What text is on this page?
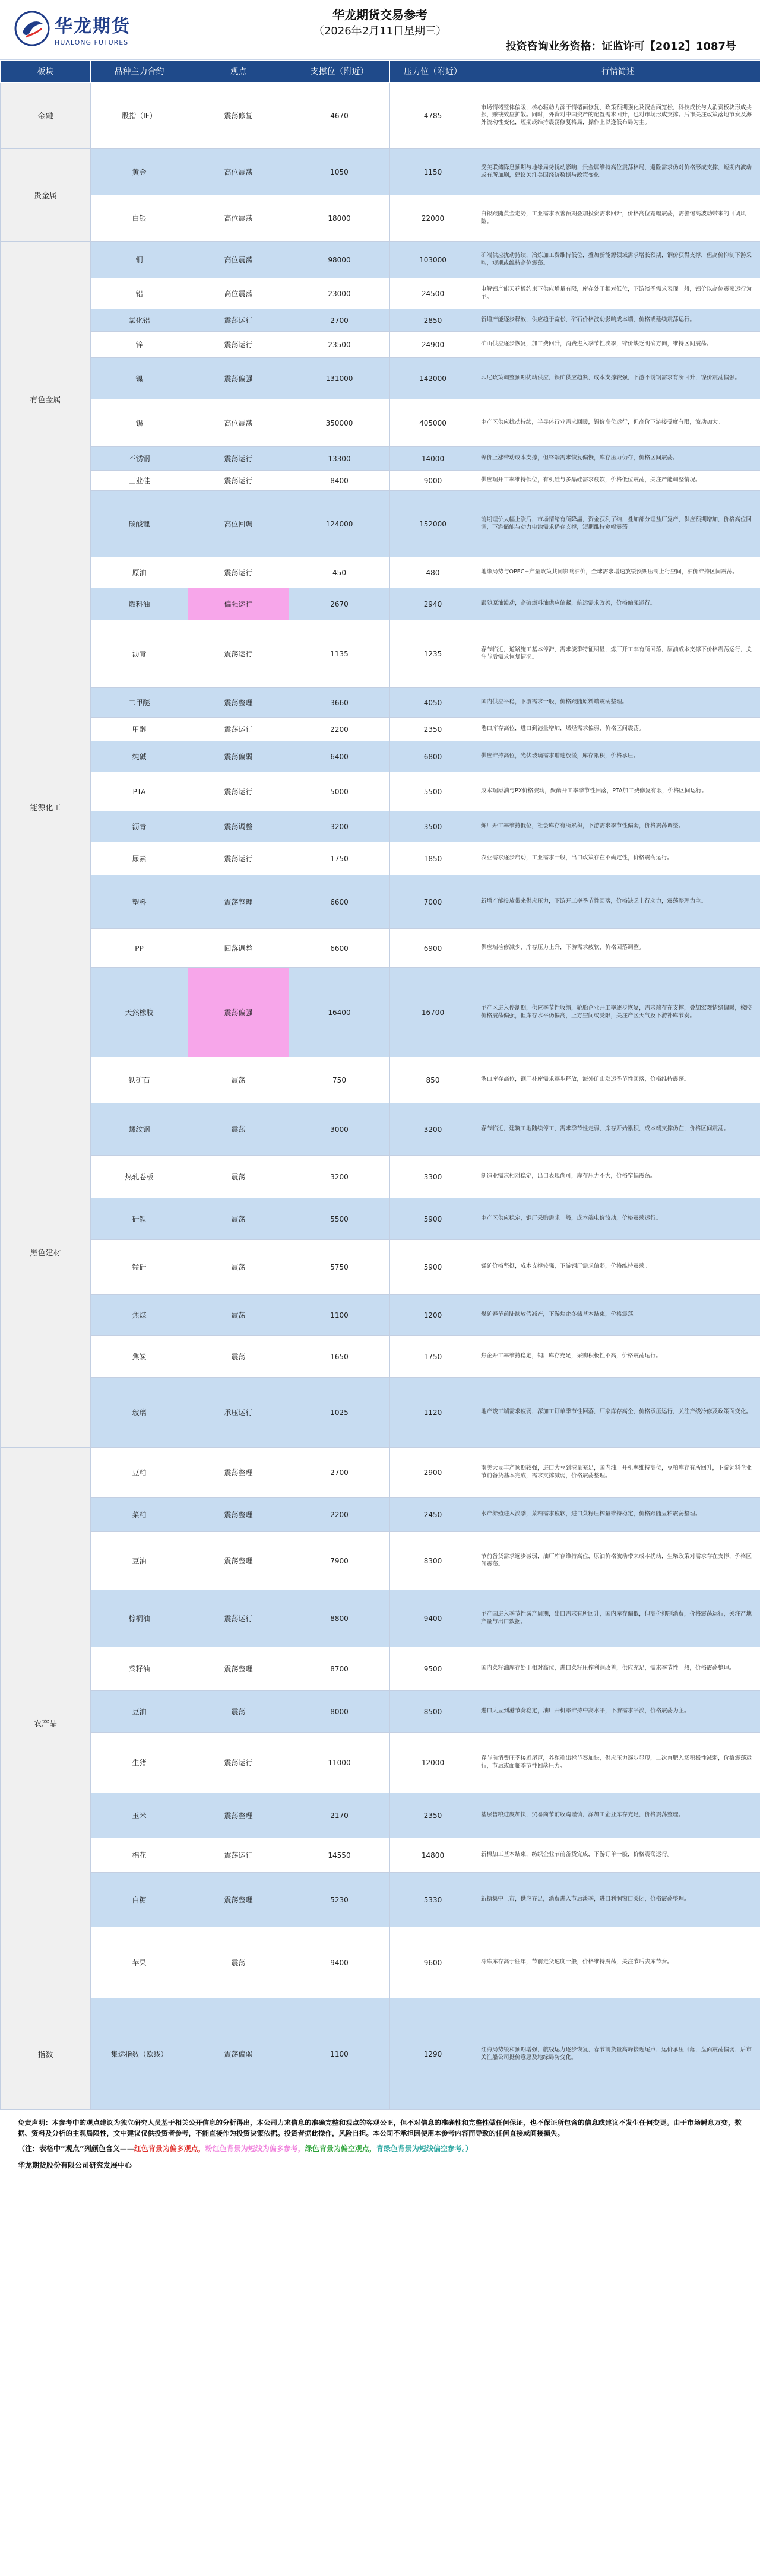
华龙期货
HUALONG FUTURES
华龙期货交易参考
（2026年2月11日星期三）
投资咨询业务资格：证监许可【2012】1087号
板块	品种主力合约	观点	支撑位（附近）	压力位（附近）	行情简述
金融	股指（IF）	震荡修复	4670	4785	市场情绪整体偏暖，核心驱动力源于情绪面修复、政策预期强化及资金面宽松，科技成长与大消费板块形成共振，赚钱效应扩散。同时，外资对中国资产的配置需求回升，也对市场形成支撑。后市关注政策落地节奏及海外流动性变化，短期或维持震荡修复格局，操作上以逢低布局为主。
贵金属	黄金	高位震荡	1050	1150	受美联储降息预期与地缘局势扰动影响，贵金属维持高位震荡格局，避险需求仍对价格形成支撑，短期内波动或有所加剧，建议关注美国经济数据与政策变化。
	白银	高位震荡	18000	22000	白银跟随黄金走势，工业需求改善预期叠加投资需求回升，价格高位宽幅震荡，需警惕高波动带来的回调风险。
有色金属	铜	高位震荡	98000	103000	矿端供应扰动持续，冶炼加工费维持低位，叠加新能源领域需求增长预期，铜价获得支撑，但高价抑制下游采购，短期或维持高位震荡。
	铝	高位震荡	23000	24500	电解铝产能天花板约束下供应增量有限，库存处于相对低位，下游淡季需求表现一般，铝价以高位震荡运行为主。
	氧化铝	震荡运行	2700	2850	新增产能逐步释放，供应趋于宽松，矿石价格波动影响成本端，价格或延续震荡运行。
	锌	震荡运行	23500	24900	矿山供应逐步恢复，加工费回升，消费进入季节性淡季，锌价缺乏明确方向，维持区间震荡。
	镍	震荡偏强	131000	142000	印尼政策调整预期扰动供应，镍矿供应趋紧，成本支撑较强，下游不锈钢需求有所回升，镍价震荡偏强。
	锡	高位震荡	350000	405000	主产区供应扰动持续，半导体行业需求回暖，锡价高位运行，但高价下游接受度有限，波动加大。
	不锈钢	震荡运行	13300	14000	镍价上涨带动成本支撑，但终端需求恢复偏慢，库存压力仍存，价格区间震荡。
	工业硅	震荡运行	8400	9000	供应端开工率维持低位，有机硅与多晶硅需求疲软，价格低位震荡，关注产能调整情况。
	碳酸锂	高位回调	124000	152000	前期锂价大幅上涨后，市场情绪有所降温，资金获利了结，叠加部分锂盐厂复产，供应预期增加，价格高位回调，下游储能与动力电池需求仍存支撑，短期维持宽幅震荡。
能源化工	原油	震荡运行	450	480	地缘局势与OPEC+产量政策共同影响油价，全球需求增速放缓预期压制上行空间，油价维持区间震荡。
	燃料油	偏强运行	2670	2940	跟随原油波动，高硫燃料油供应偏紧，航运需求改善，价格偏强运行。
	沥青	震荡运行	1135	1235	春节临近，道路施工基本停滞，需求淡季特征明显，炼厂开工率有所回落，原油成本支撑下价格震荡运行，关注节后需求恢复情况。
	二甲醚	震荡整理	3660	4050	国内供应平稳，下游需求一般，价格跟随原料端震荡整理。
	甲醇	震荡运行	2200	2350	港口库存高位，进口到港量增加，烯烃需求偏弱，价格区间震荡。
	纯碱	震荡偏弱	6400	6800	供应维持高位，光伏玻璃需求增速放缓，库存累积，价格承压。
	PTA	震荡运行	5000	5500	成本端原油与PX价格波动，聚酯开工率季节性回落，PTA加工费修复有限，价格区间运行。
	沥青	震荡调整	3200	3500	炼厂开工率维持低位，社会库存有所累积，下游需求季节性偏弱，价格震荡调整。
	尿素	震荡运行	1750	1850	农业需求逐步启动，工业需求一般，出口政策存在不确定性，价格震荡运行。
	塑料	震荡整理	6600	7000	新增产能投放带来供应压力，下游开工率季节性回落，价格缺乏上行动力，震荡整理为主。
	PP	回落调整	6600	6900	供应端检修减少，库存压力上升，下游需求疲软，价格回落调整。
	天然橡胶	震荡偏强	16400	16700	主产区进入停割期，供应季节性收缩，轮胎企业开工率逐步恢复，需求端存在支撑，叠加宏观情绪偏暖，橡胶价格震荡偏强，但库存水平仍偏高，上方空间或受限，关注产区天气及下游补库节奏。
黑色建材	铁矿石	震荡	750	850	港口库存高位，钢厂补库需求逐步释放，海外矿山发运季节性回落，价格维持震荡。
	螺纹钢	震荡	3000	3200	春节临近，建筑工地陆续停工，需求季节性走弱，库存开始累积，成本端支撑仍在，价格区间震荡。
	热轧卷板	震荡	3200	3300	制造业需求相对稳定，出口表现尚可，库存压力不大，价格窄幅震荡。
	硅铁	震荡	5500	5900	主产区供应稳定，钢厂采购需求一般，成本端电价波动，价格震荡运行。
	锰硅	震荡	5750	5900	锰矿价格坚挺，成本支撑较强，下游钢厂需求偏弱，价格维持震荡。
	焦煤	震荡	1100	1200	煤矿春节前陆续放假减产，下游焦企冬储基本结束，价格震荡。
	焦炭	震荡	1650	1750	焦企开工率维持稳定，钢厂库存充足，采购积极性不高，价格震荡运行。
	玻璃	承压运行	1025	1120	地产竣工端需求疲弱，深加工订单季节性回落，厂家库存高企，价格承压运行，关注产线冷修及政策面变化。
农产品	豆粕	震荡整理	2700	2900	南美大豆丰产预期较强，进口大豆到港量充足，国内油厂开机率维持高位，豆粕库存有所回升，下游饲料企业节前备货基本完成，需求支撑减弱，价格震荡整理。
	菜粕	震荡整理	2200	2450	水产养殖进入淡季，菜粕需求疲软，进口菜籽压榨量维持稳定，价格跟随豆粕震荡整理。
	豆油	震荡整理	7900	8300	节前备货需求逐步减弱，油厂库存维持高位，原油价格波动带来成本扰动，生柴政策对需求存在支撑，价格区间震荡。
	棕榈油	震荡运行	8800	9400	主产国进入季节性减产周期，出口需求有所回升，国内库存偏低，但高价抑制消费，价格震荡运行，关注产地产量与出口数据。
	菜籽油	震荡整理	8700	9500	国内菜籽油库存处于相对高位，进口菜籽压榨利润改善，供应充足，需求季节性一般，价格震荡整理。
	豆油	震荡	8000	8500	进口大豆到港节奏稳定，油厂开机率维持中高水平，下游需求平淡，价格震荡为主。
	生猪	震荡运行	11000	12000	春节前消费旺季接近尾声，养殖端出栏节奏加快，供应压力逐步显现，二次育肥入场积极性减弱，价格震荡运行，节后或面临季节性回落压力。
	玉米	震荡整理	2170	2350	基层售粮进度加快，贸易商节前收购谨慎，深加工企业库存充足，价格震荡整理。
	棉花	震荡运行	14550	14800	新棉加工基本结束，纺织企业节前备货完成，下游订单一般，价格震荡运行。
	白糖	震荡整理	5230	5330	新糖集中上市，供应充足，消费进入节后淡季，进口利润窗口关闭，价格震荡整理。
	苹果	震荡	9400	9600	冷库库存高于往年，节前走货速度一般，价格维持震荡，关注节后去库节奏。
指数	集运指数（欧线）	震荡偏弱	1100	1290	红海局势缓和预期增强，航线运力逐步恢复，春节前货量高峰接近尾声，运价承压回落，盘面震荡偏弱，后市关注船公司挺价意愿及地缘局势变化。
免责声明：本参考中的观点建议为独立研究人员基于相关公开信息的分析得出，本公司力求信息的准确完整和观点的客观公正，但不对信息的准确性和完整性做任何保证，也不保证所包含的信息或建议不发生任何变更。由于市场瞬息万变，数据、资料及分析的主观局限性，文中建议仅供投资者参考，不能直接作为投资决策依据。投资者据此操作，风险自担。本公司不承担因使用本参考内容而导致的任何直接或间接损失。
（注：表格中“观点”列颜色含义——红色背景为偏多观点，粉红色背景为短线为偏多参考，绿色背景为偏空观点，青绿色背景为短线偏空参考。）
华龙期货股份有限公司研究发展中心
